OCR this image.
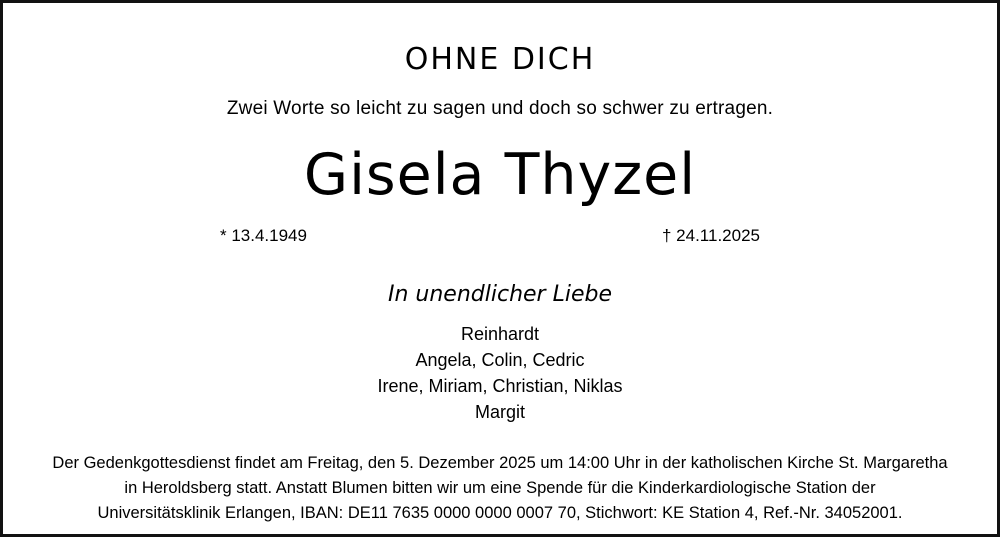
OHNE DICH
Zwei Worte so leicht zu sagen und doch so schwer zu ertragen.
Gisela Thyzel
* 13.4.1949	† 24.11.2025
In unendlicher Liebe
Reinhardt
Angela, Colin, Cedric
Irene, Miriam, Christian, Niklas
Margit
Der Gedenkgottesdienst findet am Freitag, den 5. Dezember 2025 um 14:00 Uhr in der katholischen Kirche St. Margaretha
in Heroldsberg statt. Anstatt Blumen bitten wir um eine Spende für die Kinderkardiologische Station der
Universitätsklinik Erlangen, IBAN: DE11 7635 0000 0000 0007 70, Stichwort: KE Station 4, Ref.-Nr. 34052001.
